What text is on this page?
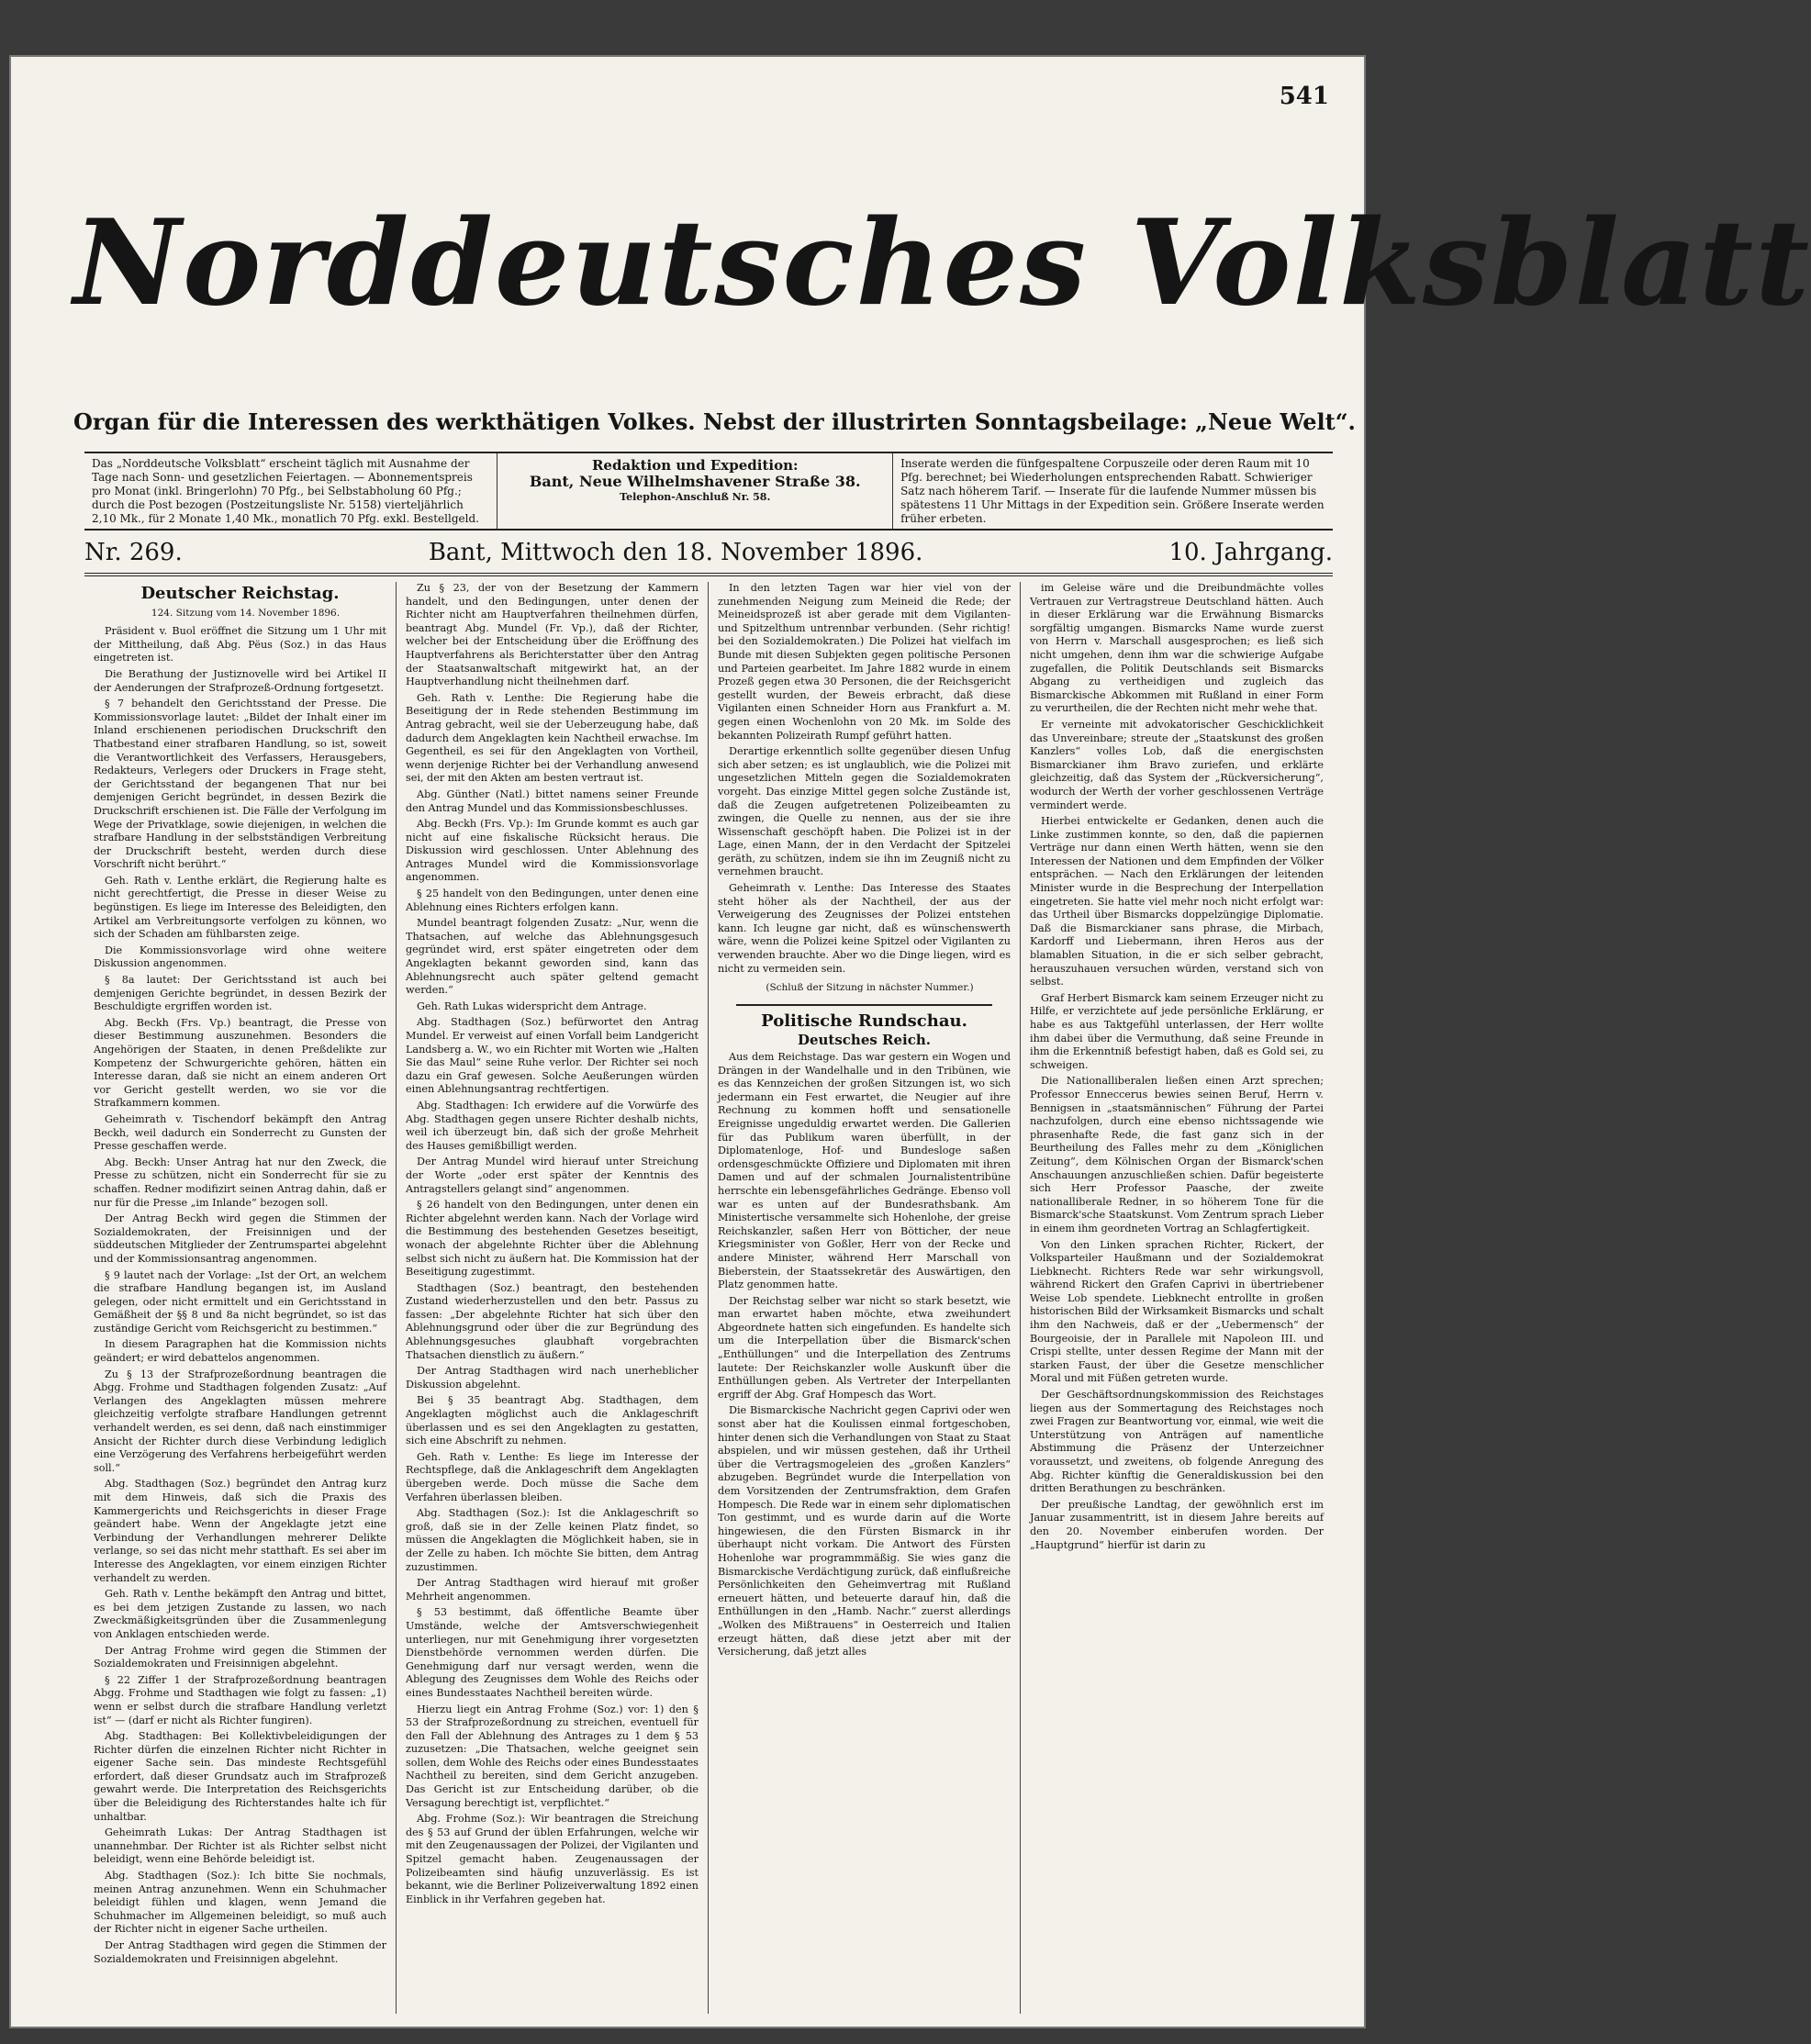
541
Norddeutsches Volksblatt
Organ für die Interessen des werkthätigen Volkes. Nebst der illustrirten Sonntagsbeilage: „Neue Welt“.
Das „Norddeutsche Volksblatt“ erscheint täglich mit Ausnahme der Tage nach Sonn- und gesetzlichen Feiertagen. — Abonnementspreis pro Monat (inkl. Bringerlohn) 70 Pfg., bei Selbstabholung 60 Pfg.; durch die Post bezogen (Postzeitungsliste Nr. 5158) vierteljährlich 2,10 Mk., für 2 Monate 1,40 Mk., monatlich 70 Pfg. exkl. Bestellgeld.
Redaktion und Expedition:
Bant, Neue Wilhelmshavener Straße 38.
Telephon-Anschluß Nr. 58.
Inserate werden die fünfgespaltene Corpuszeile oder deren Raum mit 10 Pfg. berechnet; bei Wiederholungen entsprechenden Rabatt. Schwieriger Satz nach höherem Tarif. — Inserate für die laufende Nummer müssen bis spätestens 11 Uhr Mittags in der Expedition sein. Größere Inserate werden früher erbeten.
Nr. 269.	Bant, Mittwoch den 18. November 1896.	10. Jahrgang.
Deutscher Reichstag.

124. Sitzung vom 14. November 1896.

Präsident v. Buol eröffnet die Sitzung um 1 Uhr mit der Mittheilung, daß Abg. Pëus (Soz.) in das Haus eingetreten ist.

Die Berathung der Justiznovelle wird bei Artikel II der Aenderungen der Strafprozeß-Ordnung fortgesetzt.

§ 7 behandelt den Gerichtsstand der Presse. Die Kommissionsvorlage lautet: „Bildet der Inhalt einer im Inland erschienenen periodischen Druckschrift den Thatbestand einer strafbaren Handlung, so ist, soweit die Verantwortlichkeit des Verfassers, Herausgebers, Redakteurs, Verlegers oder Druckers in Frage steht, der Gerichtsstand der begangenen That nur bei demjenigen Gericht begründet, in dessen Bezirk die Druckschrift erschienen ist. Die Fälle der Verfolgung im Wege der Privatklage, sowie diejenigen, in welchen die strafbare Handlung in der selbstständigen Verbreitung der Druckschrift besteht, werden durch diese Vorschrift nicht berührt.“

Geh. Rath v. Lenthe erklärt, die Regierung halte es nicht gerechtfertigt, die Presse in dieser Weise zu begünstigen. Es liege im Interesse des Beleidigten, den Artikel am Verbreitungsorte verfolgen zu können, wo sich der Schaden am fühlbarsten zeige.

Die Kommissionsvorlage wird ohne weitere Diskussion angenommen.

§ 8a lautet: Der Gerichtsstand ist auch bei demjenigen Gerichte begründet, in dessen Bezirk der Beschuldigte ergriffen worden ist.

Abg. Beckh (Frs. Vp.) beantragt, die Presse von dieser Bestimmung auszunehmen. Besonders die Angehörigen der Staaten, in denen Preßdelikte zur Kompetenz der Schwurgerichte gehören, hätten ein Interesse daran, daß sie nicht an einem anderen Ort vor Gericht gestellt werden, wo sie vor die Strafkammern kommen.

Geheimrath v. Tischendorf bekämpft den Antrag Beckh, weil dadurch ein Sonderrecht zu Gunsten der Presse geschaffen werde.

Abg. Beckh: Unser Antrag hat nur den Zweck, die Presse zu schützen, nicht ein Sonderrecht für sie zu schaffen. Redner modifizirt seinen Antrag dahin, daß er nur für die Presse „im Inlande“ bezogen soll.

Der Antrag Beckh wird gegen die Stimmen der Sozialdemokraten, der Freisinnigen und der süddeutschen Mitglieder der Zentrumspartei abgelehnt und der Kommissionsantrag angenommen.

§ 9 lautet nach der Vorlage: „Ist der Ort, an welchem die strafbare Handlung begangen ist, im Ausland gelegen, oder nicht ermittelt und ein Gerichtsstand in Gemäßheit der §§ 8 und 8a nicht begründet, so ist das zuständige Gericht vom Reichsgericht zu bestimmen.“

In diesem Paragraphen hat die Kommission nichts geändert; er wird debattelos angenommen.

Zu § 13 der Strafprozeßordnung beantragen die Abgg. Frohme und Stadthagen folgenden Zusatz: „Auf Verlangen des Angeklagten müssen mehrere gleichzeitig verfolgte strafbare Handlungen getrennt verhandelt werden, es sei denn, daß nach einstimmiger Ansicht der Richter durch diese Verbindung lediglich eine Verzögerung des Verfahrens herbeigeführt werden soll.“

Abg. Stadthagen (Soz.) begründet den Antrag kurz mit dem Hinweis, daß sich die Praxis des Kammergerichts und Reichsgerichts in dieser Frage geändert habe. Wenn der Angeklagte jetzt eine Verbindung der Verhandlungen mehrerer Delikte verlange, so sei das nicht mehr statthaft. Es sei aber im Interesse des Angeklagten, vor einem einzigen Richter verhandelt zu werden.

Geh. Rath v. Lenthe bekämpft den Antrag und bittet, es bei dem jetzigen Zustande zu lassen, wo nach Zweckmäßigkeitsgründen über die Zusammenlegung von Anklagen entschieden werde.

Der Antrag Frohme wird gegen die Stimmen der Sozialdemokraten und Freisinnigen abgelehnt.

§ 22 Ziffer 1 der Strafprozeßordnung beantragen Abgg. Frohme und Stadthagen wie folgt zu fassen: „1) wenn er selbst durch die strafbare Handlung verletzt ist“ — (darf er nicht als Richter fungiren).

Abg. Stadthagen: Bei Kollektivbeleidigungen der Richter dürfen die einzelnen Richter nicht Richter in eigener Sache sein. Das mindeste Rechtsgefühl erfordert, daß dieser Grundsatz auch im Strafprozeß gewahrt werde. Die Interpretation des Reichsgerichts über die Beleidigung des Richterstandes halte ich für unhaltbar.

Geheimrath Lukas: Der Antrag Stadthagen ist unannehmbar. Der Richter ist als Richter selbst nicht beleidigt, wenn eine Behörde beleidigt ist.

Abg. Stadthagen (Soz.): Ich bitte Sie nochmals, meinen Antrag anzunehmen. Wenn ein Schuhmacher beleidigt fühlen und klagen, wenn Jemand die Schuhmacher im Allgemeinen beleidigt, so muß auch der Richter nicht in eigener Sache urtheilen.

Der Antrag Stadthagen wird gegen die Stimmen der Sozialdemokraten und Freisinnigen abgelehnt.

Zu § 23, der von der Besetzung der Kammern handelt, und den Bedingungen, unter denen der Richter nicht am Hauptverfahren theilnehmen dürfen, beantragt Abg. Mundel (Fr. Vp.), daß der Richter, welcher bei der Entscheidung über die Eröffnung des Hauptverfahrens als Berichterstatter über den Antrag der Staatsanwaltschaft mitgewirkt hat, an der Hauptverhandlung nicht theilnehmen darf.

Geh. Rath v. Lenthe: Die Regierung habe die Beseitigung der in Rede stehenden Bestimmung im Antrag gebracht, weil sie der Ueberzeugung habe, daß dadurch dem Angeklagten kein Nachtheil erwachse. Im Gegentheil, es sei für den Angeklagten von Vortheil, wenn derjenige Richter bei der Verhandlung anwesend sei, der mit den Akten am besten vertraut ist.

Abg. Günther (Natl.) bittet namens seiner Freunde den Antrag Mundel und das Kommissionsbeschlusses.

Abg. Beckh (Frs. Vp.): Im Grunde kommt es auch gar nicht auf eine fiskalische Rücksicht heraus. Die Diskussion wird geschlossen. Unter Ablehnung des Antrages Mundel wird die Kommissionsvorlage angenommen.

§ 25 handelt von den Bedingungen, unter denen eine Ablehnung eines Richters erfolgen kann.

Mundel beantragt folgenden Zusatz: „Nur, wenn die Thatsachen, auf welche das Ablehnungsgesuch gegründet wird, erst später eingetreten oder dem Angeklagten bekannt geworden sind, kann das Ablehnungsrecht auch später geltend gemacht werden.“

Geh. Rath Lukas widerspricht dem Antrage.

Abg. Stadthagen (Soz.) befürwortet den Antrag Mundel. Er verweist auf einen Vorfall beim Landgericht Landsberg a. W., wo ein Richter mit Worten wie „Halten Sie das Maul“ seine Ruhe verlor. Der Richter sei noch dazu ein Graf gewesen. Solche Aeußerungen würden einen Ablehnungsantrag rechtfertigen.

Abg. Stadthagen: Ich erwidere auf die Vorwürfe des Abg. Stadthagen gegen unsere Richter deshalb nichts, weil ich überzeugt bin, daß sich der große Mehrheit des Hauses gemißbilligt werden.

Der Antrag Mundel wird hierauf unter Streichung der Worte „oder erst später der Kenntnis des Antragstellers gelangt sind“ angenommen.

§ 26 handelt von den Bedingungen, unter denen ein Richter abgelehnt werden kann. Nach der Vorlage wird die Bestimmung des bestehenden Gesetzes beseitigt, wonach der abgelehnte Richter über die Ablehnung selbst sich nicht zu äußern hat. Die Kommission hat der Beseitigung zugestimmt.

Stadthagen (Soz.) beantragt, den bestehenden Zustand wiederherzustellen und den betr. Passus zu fassen: „Der abgelehnte Richter hat sich über den Ablehnungsgrund oder über die zur Begründung des Ablehnungsgesuches glaubhaft vorgebrachten Thatsachen dienstlich zu äußern.“

Der Antrag Stadthagen wird nach unerheblicher Diskussion abgelehnt.

Bei § 35 beantragt Abg. Stadthagen, dem Angeklagten möglichst auch die Anklageschrift überlassen und es sei den Angeklagten zu gestatten, sich eine Abschrift zu nehmen.

Geh. Rath v. Lenthe: Es liege im Interesse der Rechtspflege, daß die Anklageschrift dem Angeklagten übergeben werde. Doch müsse die Sache dem Verfahren überlassen bleiben.

Abg. Stadthagen (Soz.): Ist die Anklageschrift so groß, daß sie in der Zelle keinen Platz findet, so müssen die Angeklagten die Möglichkeit haben, sie in der Zelle zu haben. Ich möchte Sie bitten, dem Antrag zuzustimmen.

Der Antrag Stadthagen wird hierauf mit großer Mehrheit angenommen.

§ 53 bestimmt, daß öffentliche Beamte über Umstände, welche der Amtsverschwiegenheit unterliegen, nur mit Genehmigung ihrer vorgesetzten Dienstbehörde vernommen werden dürfen. Die Genehmigung darf nur versagt werden, wenn die Ablegung des Zeugnisses dem Wohle des Reichs oder eines Bundesstaates Nachtheil bereiten würde.

Hierzu liegt ein Antrag Frohme (Soz.) vor: 1) den § 53 der Strafprozeßordnung zu streichen, eventuell für den Fall der Ablehnung des Antrages zu 1 dem § 53 zuzusetzen: „Die Thatsachen, welche geeignet sein sollen, dem Wohle des Reichs oder eines Bundesstaates Nachtheil zu bereiten, sind dem Gericht anzugeben. Das Gericht ist zur Entscheidung darüber, ob die Versagung berechtigt ist, verpflichtet.“

Abg. Frohme (Soz.): Wir beantragen die Streichung des § 53 auf Grund der üblen Erfahrungen, welche wir mit den Zeugenaussagen der Polizei, der Vigilanten und Spitzel gemacht haben. Zeugenaussagen der Polizeibeamten sind häufig unzuverlässig. Es ist bekannt, wie die Berliner Polizeiverwaltung 1892 einen Einblick in ihr Verfahren gegeben hat.

In den letzten Tagen war hier viel von der zunehmenden Neigung zum Meineid die Rede; der Meineidsprozeß ist aber gerade mit dem Vigilanten- und Spitzelthum untrennbar verbunden. (Sehr richtig! bei den Sozialdemokraten.) Die Polizei hat vielfach im Bunde mit diesen Subjekten gegen politische Personen und Parteien gearbeitet. Im Jahre 1882 wurde in einem Prozeß gegen etwa 30 Personen, die der Reichsgericht gestellt wurden, der Beweis erbracht, daß diese Vigilanten einen Schneider Horn aus Frankfurt a. M. gegen einen Wochenlohn von 20 Mk. im Solde des bekannten Polizeirath Rumpf geführt hatten.

Derartige erkenntlich sollte gegenüber diesen Unfug sich aber setzen; es ist unglaublich, wie die Polizei mit ungesetzlichen Mitteln gegen die Sozialdemokraten vorgeht. Das einzige Mittel gegen solche Zustände ist, daß die Zeugen aufgetretenen Polizeibeamten zu zwingen, die Quelle zu nennen, aus der sie ihre Wissenschaft geschöpft haben. Die Polizei ist in der Lage, einen Mann, der in den Verdacht der Spitzelei geräth, zu schützen, indem sie ihn im Zeugniß nicht zu vernehmen braucht.

Geheimrath v. Lenthe: Das Interesse des Staates steht höher als der Nachtheil, der aus der Verweigerung des Zeugnisses der Polizei entstehen kann. Ich leugne gar nicht, daß es wünschenswerth wäre, wenn die Polizei keine Spitzel oder Vigilanten zu verwenden brauchte. Aber wo die Dinge liegen, wird es nicht zu vermeiden sein.

(Schluß der Sitzung in nächster Nummer.)

Politische Rundschau.
Deutsches Reich.

Aus dem Reichstage. Das war gestern ein Wogen und Drängen in der Wandelhalle und in den Tribünen, wie es das Kennzeichen der großen Sitzungen ist, wo sich jedermann ein Fest erwartet, die Neugier auf ihre Rechnung zu kommen hofft und sensationelle Ereignisse ungeduldig erwartet werden. Die Gallerien für das Publikum waren überfüllt, in der Diplomatenloge, Hof- und Bundesloge saßen ordensgeschmückte Offiziere und Diplomaten mit ihren Damen und auf der schmalen Journalistentribüne herrschte ein lebensgefährliches Gedränge. Ebenso voll war es unten auf der Bundesrathsbank. Am Ministertische versammelte sich Hohenlohe, der greise Reichskanzler, saßen Herr von Bötticher, der neue Kriegsminister von Goßler, Herr von der Recke und andere Minister, während Herr Marschall von Bieberstein, der Staatssekretär des Auswärtigen, den Platz genommen hatte.

Der Reichstag selber war nicht so stark besetzt, wie man erwartet haben möchte, etwa zweihundert Abgeordnete hatten sich eingefunden. Es handelte sich um die Interpellation über die Bismarck'schen „Enthüllungen“ und die Interpellation des Zentrums lautete: Der Reichskanzler wolle Auskunft über die Enthüllungen geben. Als Vertreter der Interpellanten ergriff der Abg. Graf Hompesch das Wort.

Die Bismarckische Nachricht gegen Caprivi oder wen sonst aber hat die Koulissen einmal fortgeschoben, hinter denen sich die Verhandlungen von Staat zu Staat abspielen, und wir müssen gestehen, daß ihr Urtheil über die Vertragsmogeleien des „großen Kanzlers“ abzugeben. Begründet wurde die Interpellation von dem Vorsitzenden der Zentrumsfraktion, dem Grafen Hompesch. Die Rede war in einem sehr diplomatischen Ton gestimmt, und es wurde darin auf die Worte hingewiesen, die den Fürsten Bismarck in ihr überhaupt nicht vorkam. Die Antwort des Fürsten Hohenlohe war programmmäßig. Sie wies ganz die Bismarckische Verdächtigung zurück, daß einflußreiche Persönlichkeiten den Geheimvertrag mit Rußland erneuert hätten, und beteuerte darauf hin, daß die Enthüllungen in den „Hamb. Nachr.“ zuerst allerdings „Wolken des Mißtrauens“ in Oesterreich und Italien erzeugt hätten, daß diese jetzt aber mit der Versicherung, daß jetzt alles

im Geleise wäre und die Dreibundmächte volles Vertrauen zur Vertragstreue Deutschland hätten. Auch in dieser Erklärung war die Erwähnung Bismarcks sorgfältig umgangen. Bismarcks Name wurde zuerst von Herrn v. Marschall ausgesprochen; es ließ sich nicht umgehen, denn ihm war die schwierige Aufgabe zugefallen, die Politik Deutschlands seit Bismarcks Abgang zu vertheidigen und zugleich das Bismarckische Abkommen mit Rußland in einer Form zu verurtheilen, die der Rechten nicht mehr wehe that.

Er verneinte mit advokatorischer Geschicklichkeit das Unvereinbare; streute der „Staatskunst des großen Kanzlers“ volles Lob, daß die energischsten Bismarckianer ihm Bravo zuriefen, und erklärte gleichzeitig, daß das System der „Rückversicherung“, wodurch der Werth der vorher geschlossenen Verträge vermindert werde.

Hierbei entwickelte er Gedanken, denen auch die Linke zustimmen konnte, so den, daß die papiernen Verträge nur dann einen Werth hätten, wenn sie den Interessen der Nationen und dem Empfinden der Völker entsprächen. — Nach den Erklärungen der leitenden Minister wurde in die Besprechung der Interpellation eingetreten. Sie hatte viel mehr noch nicht erfolgt war: das Urtheil über Bismarcks doppelzüngige Diplomatie. Daß die Bismarckianer sans phrase, die Mirbach, Kardorff und Liebermann, ihren Heros aus der blamablen Situation, in die er sich selber gebracht, herauszuhauen versuchen würden, verstand sich von selbst.

Graf Herbert Bismarck kam seinem Erzeuger nicht zu Hilfe, er verzichtete auf jede persönliche Erklärung, er habe es aus Taktgefühl unterlassen, der Herr wollte ihm dabei über die Vermuthung, daß seine Freunde in ihm die Erkenntniß befestigt haben, daß es Gold sei, zu schweigen.

Die Nationalliberalen ließen einen Arzt sprechen; Professor Enneccerus bewies seinen Beruf, Herrn v. Bennigsen in „staatsmännischen“ Führung der Partei nachzufolgen, durch eine ebenso nichtssagende wie phrasenhafte Rede, die fast ganz sich in der Beurtheilung des Falles mehr zu dem „Königlichen Zeitung“, dem Kölnischen Organ der Bismarck'schen Anschauungen anzuschließen schien. Dafür begeisterte sich Herr Professor Paasche, der zweite nationalliberale Redner, in so höherem Tone für die Bismarck'sche Staatskunst. Vom Zentrum sprach Lieber in einem ihm geordneten Vortrag an Schlagfertigkeit.

Von den Linken sprachen Richter, Rickert, der Volksparteiler Haußmann und der Sozialdemokrat Liebknecht. Richters Rede war sehr wirkungsvoll, während Rickert den Grafen Caprivi in übertriebener Weise Lob spendete. Liebknecht entrollte in großen historischen Bild der Wirksamkeit Bismarcks und schalt ihm den Nachweis, daß er der „Uebermensch“ der Bourgeoisie, der in Parallele mit Napoleon III. und Crispi stellte, unter dessen Regime der Mann mit der starken Faust, der über die Gesetze menschlicher Moral und mit Füßen getreten wurde.

Der Geschäftsordnungskommission des Reichstages liegen aus der Sommertagung des Reichstages noch zwei Fragen zur Beantwortung vor, einmal, wie weit die Unterstützung von Anträgen auf namentliche Abstimmung die Präsenz der Unterzeichner voraussetzt, und zweitens, ob folgende Anregung des Abg. Richter künftig die Generaldiskussion bei den dritten Berathungen zu beschränken.

Der preußische Landtag, der gewöhnlich erst im Januar zusammentritt, ist in diesem Jahre bereits auf den 20. November einberufen worden. Der „Hauptgrund“ hierfür ist darin zu
